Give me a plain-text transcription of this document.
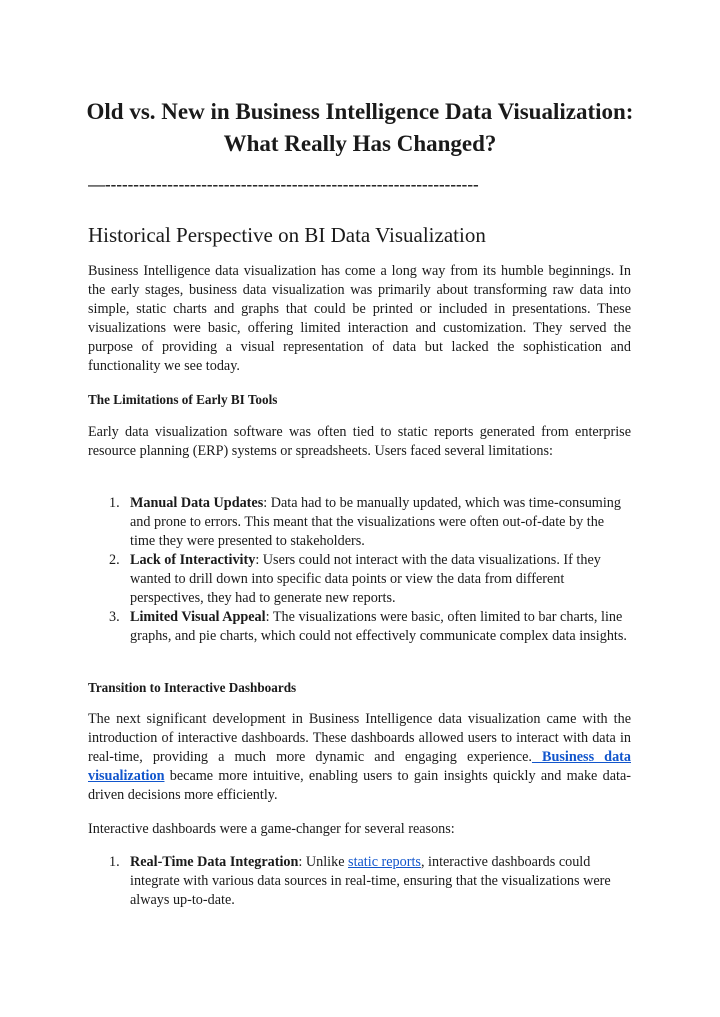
Old vs. New in Business Intelligence Data Visualization: What Really Has Changed?

—------------------------------------------------------------------

Historical Perspective on BI Data Visualization

Business Intelligence data visualization has come a long way from its humble beginnings. In the early stages, business data visualization was primarily about transforming raw data into simple, static charts and graphs that could be printed or included in presentations. These visualizations were basic, offering limited interaction and customization. They served the purpose of providing a visual representation of data but lacked the sophistication and functionality we see today.

The Limitations of Early BI Tools

Early data visualization software was often tied to static reports generated from enterprise resource planning (ERP) systems or spreadsheets. Users faced several limitations:

1. Manual Data Updates: Data had to be manually updated, which was time-consuming and prone to errors. This meant that the visualizations were often out-of-date by the time they were presented to stakeholders.
2. Lack of Interactivity: Users could not interact with the data visualizations. If they wanted to drill down into specific data points or view the data from different perspectives, they had to generate new reports.
3. Limited Visual Appeal: The visualizations were basic, often limited to bar charts, line graphs, and pie charts, which could not effectively communicate complex data insights.
Transition to Interactive Dashboards

The next significant development in Business Intelligence data visualization came with the introduction of interactive dashboards. These dashboards allowed users to interact with data in real-time, providing a much more dynamic and engaging experience. Business data visualization became more intuitive, enabling users to gain insights quickly and make data-driven decisions more efficiently.

Interactive dashboards were a game-changer for several reasons:

1. Real-Time Data Integration: Unlike static reports, interactive dashboards could integrate with various data sources in real-time, ensuring that the visualizations were always up-to-date.
